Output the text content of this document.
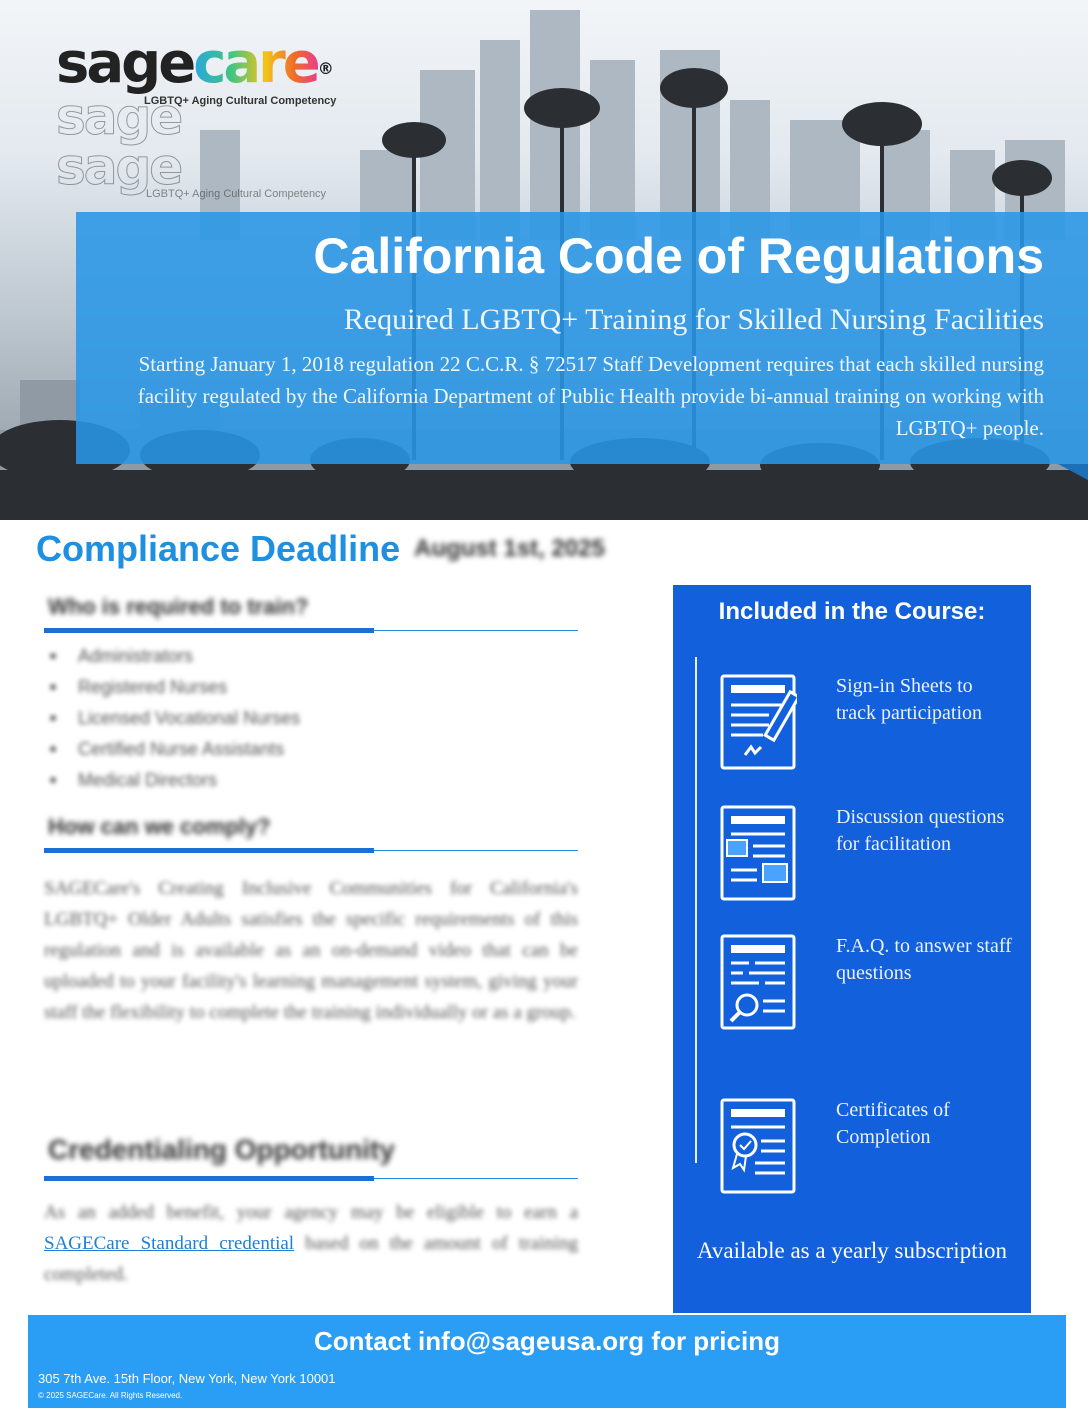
sagecare®
LGBTQ+ Aging Cultural Competency
sage
sage
LGBTQ+ Aging Cultural Competency
California Code of Regulations
Required LGBTQ+ Training for Skilled Nursing Facilities
Starting January 1, 2018 regulation 22 C.C.R. § 72517 Staff Development requires that each skilled nursing facility regulated by the California Department of Public Health provide bi-annual training on working with LGBTQ+ people.
Compliance Deadline August 1st, 2025
Who is required to train?
■ Administrators
■ Registered Nurses
■ Licensed Vocational Nurses
■ Certified Nurse Assistants
■ Medical Directors
How can we comply?
SAGECare's Creating Inclusive Communities for California's LGBTQ+ Older Adults satisfies the specific requirements of this regulation and is available as an on-demand video that can be uploaded to your facility's learning management system, giving your staff the flexibility to complete the training individually or as a group.
Credentialing Opportunity
As an added benefit, your agency may be eligible to earn a SAGECare Standard credential based on the amount of training completed.
Included in the Course:
Sign-in Sheets to track participation
Discussion questions for facilitation
F.A.Q. to answer staff questions
Certificates of Completion
Available as a yearly subscription
Contact info@sageusa.org for pricing
305 7th Ave. 15th Floor, New York, New York 10001
© 2025 SAGECare. All Rights Reserved.
